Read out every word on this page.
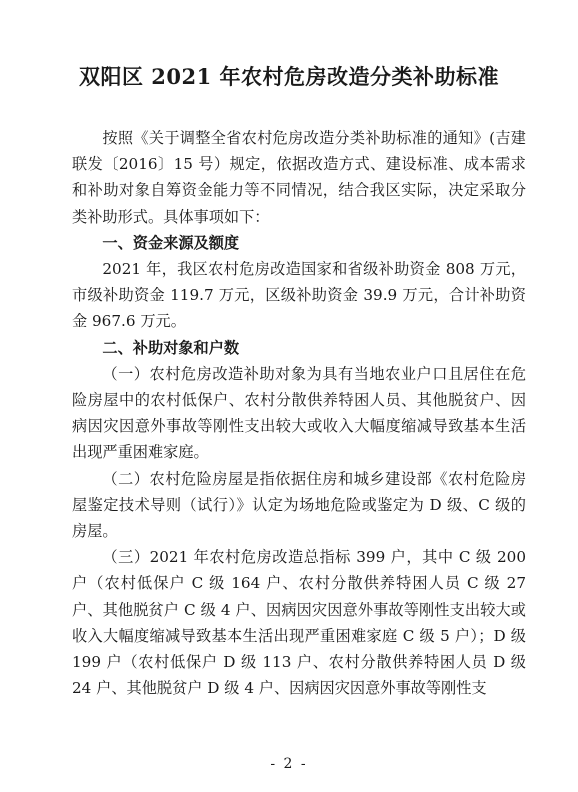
双阳区 2021 年农村危房改造分类补助标准

按照《关于调整全省农村危房改造分类补助标准的通知》(吉建联发〔2016〕15 号）规定，依据改造方式、建设标准、成本需求和补助对象自筹资金能力等不同情况，结合我区实际，决定采取分类补助形式。具体事项如下：

一、资金来源及额度

2021 年，我区农村危房改造国家和省级补助资金 808 万元，市级补助资金 119.7 万元，区级补助资金 39.9 万元，合计补助资金 967.6 万元。

二、补助对象和户数

（一）农村危房改造补助对象为具有当地农业户口且居住在危险房屋中的农村低保户、农村分散供养特困人员、其他脱贫户、因病因灾因意外事故等刚性支出较大或收入大幅度缩减导致基本生活出现严重困难家庭。

（二）农村危险房屋是指依据住房和城乡建设部《农村危险房屋鉴定技术导则（试行）》认定为场地危险或鉴定为 D 级、C 级的房屋。

（三）2021 年农村危房改造总指标 399 户，其中 C 级 200 户（农村低保户 C 级 164 户、农村分散供养特困人员 C 级 27 户、其他脱贫户 C 级 4 户、因病因灾因意外事故等刚性支出较大或收入大幅度缩减导致基本生活出现严重困难家庭 C 级 5 户）；D 级 199 户（农村低保户 D 级 113 户、农村分散供养特困人员 D 级 24 户、其他脱贫户 D 级 4 户、因病因灾因意外事故等刚性支

- 2 -
